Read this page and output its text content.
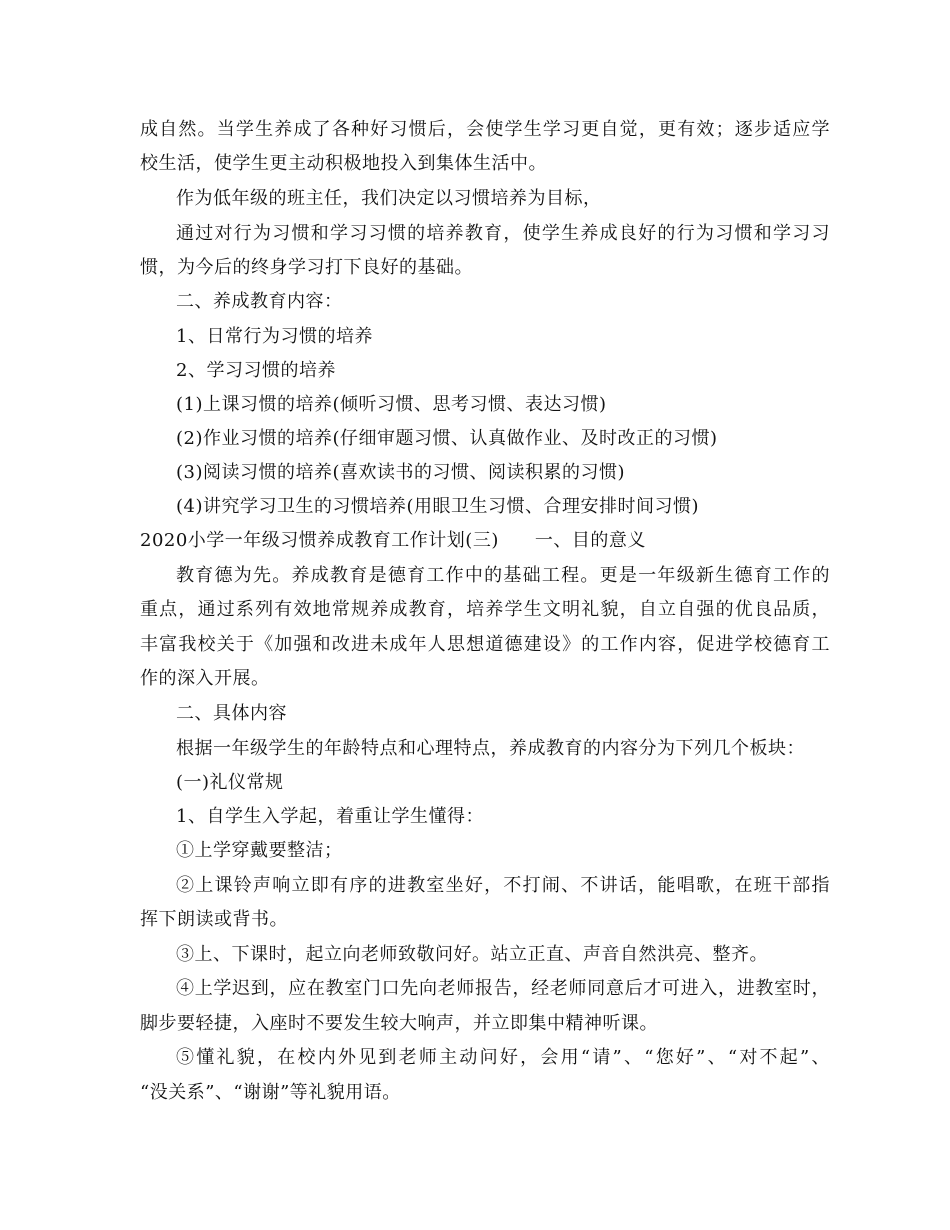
成自然。当学生养成了各种好习惯后，会使学生学习更自觉，更有效；逐步适应学
校生活，使学生更主动积极地投入到集体生活中。
作为低年级的班主任，我们决定以习惯培养为目标，
通过对行为习惯和学习习惯的培养教育，使学生养成良好的行为习惯和学习习
惯，为今后的终身学习打下良好的基础。
二、养成教育内容：
1、日常行为习惯的培养
2、学习习惯的培养
(1)上课习惯的培养(倾听习惯、思考习惯、表达习惯)
(2)作业习惯的培养(仔细审题习惯、认真做作业、及时改正的习惯)
(3)阅读习惯的培养(喜欢读书的习惯、阅读积累的习惯)
(4)讲究学习卫生的习惯培养(用眼卫生习惯、合理安排时间习惯)
2020小学一年级习惯养成教育工作计划(三) 一、目的意义
教育德为先。养成教育是德育工作中的基础工程。更是一年级新生德育工作的
重点，通过系列有效地常规养成教育，培养学生文明礼貌，自立自强的优良品质，
丰富我校关于《加强和改进未成年人思想道德建设》的工作内容，促进学校德育工
作的深入开展。
二、具体内容
根据一年级学生的年龄特点和心理特点，养成教育的内容分为下列几个板块：
(一)礼仪常规
1、自学生入学起，着重让学生懂得：
①上学穿戴要整洁；
②上课铃声响立即有序的进教室坐好，不打闹、不讲话，能唱歌，在班干部指
挥下朗读或背书。
③上、下课时，起立向老师致敬问好。站立正直、声音自然洪亮、整齐。
④上学迟到，应在教室门口先向老师报告，经老师同意后才可进入，进教室时，
脚步要轻捷，入座时不要发生较大响声，并立即集中精神听课。
⑤懂礼貌，在校内外见到老师主动问好，会用“请”、“您好”、“对不起”、
“没关系”、“谢谢”等礼貌用语。
